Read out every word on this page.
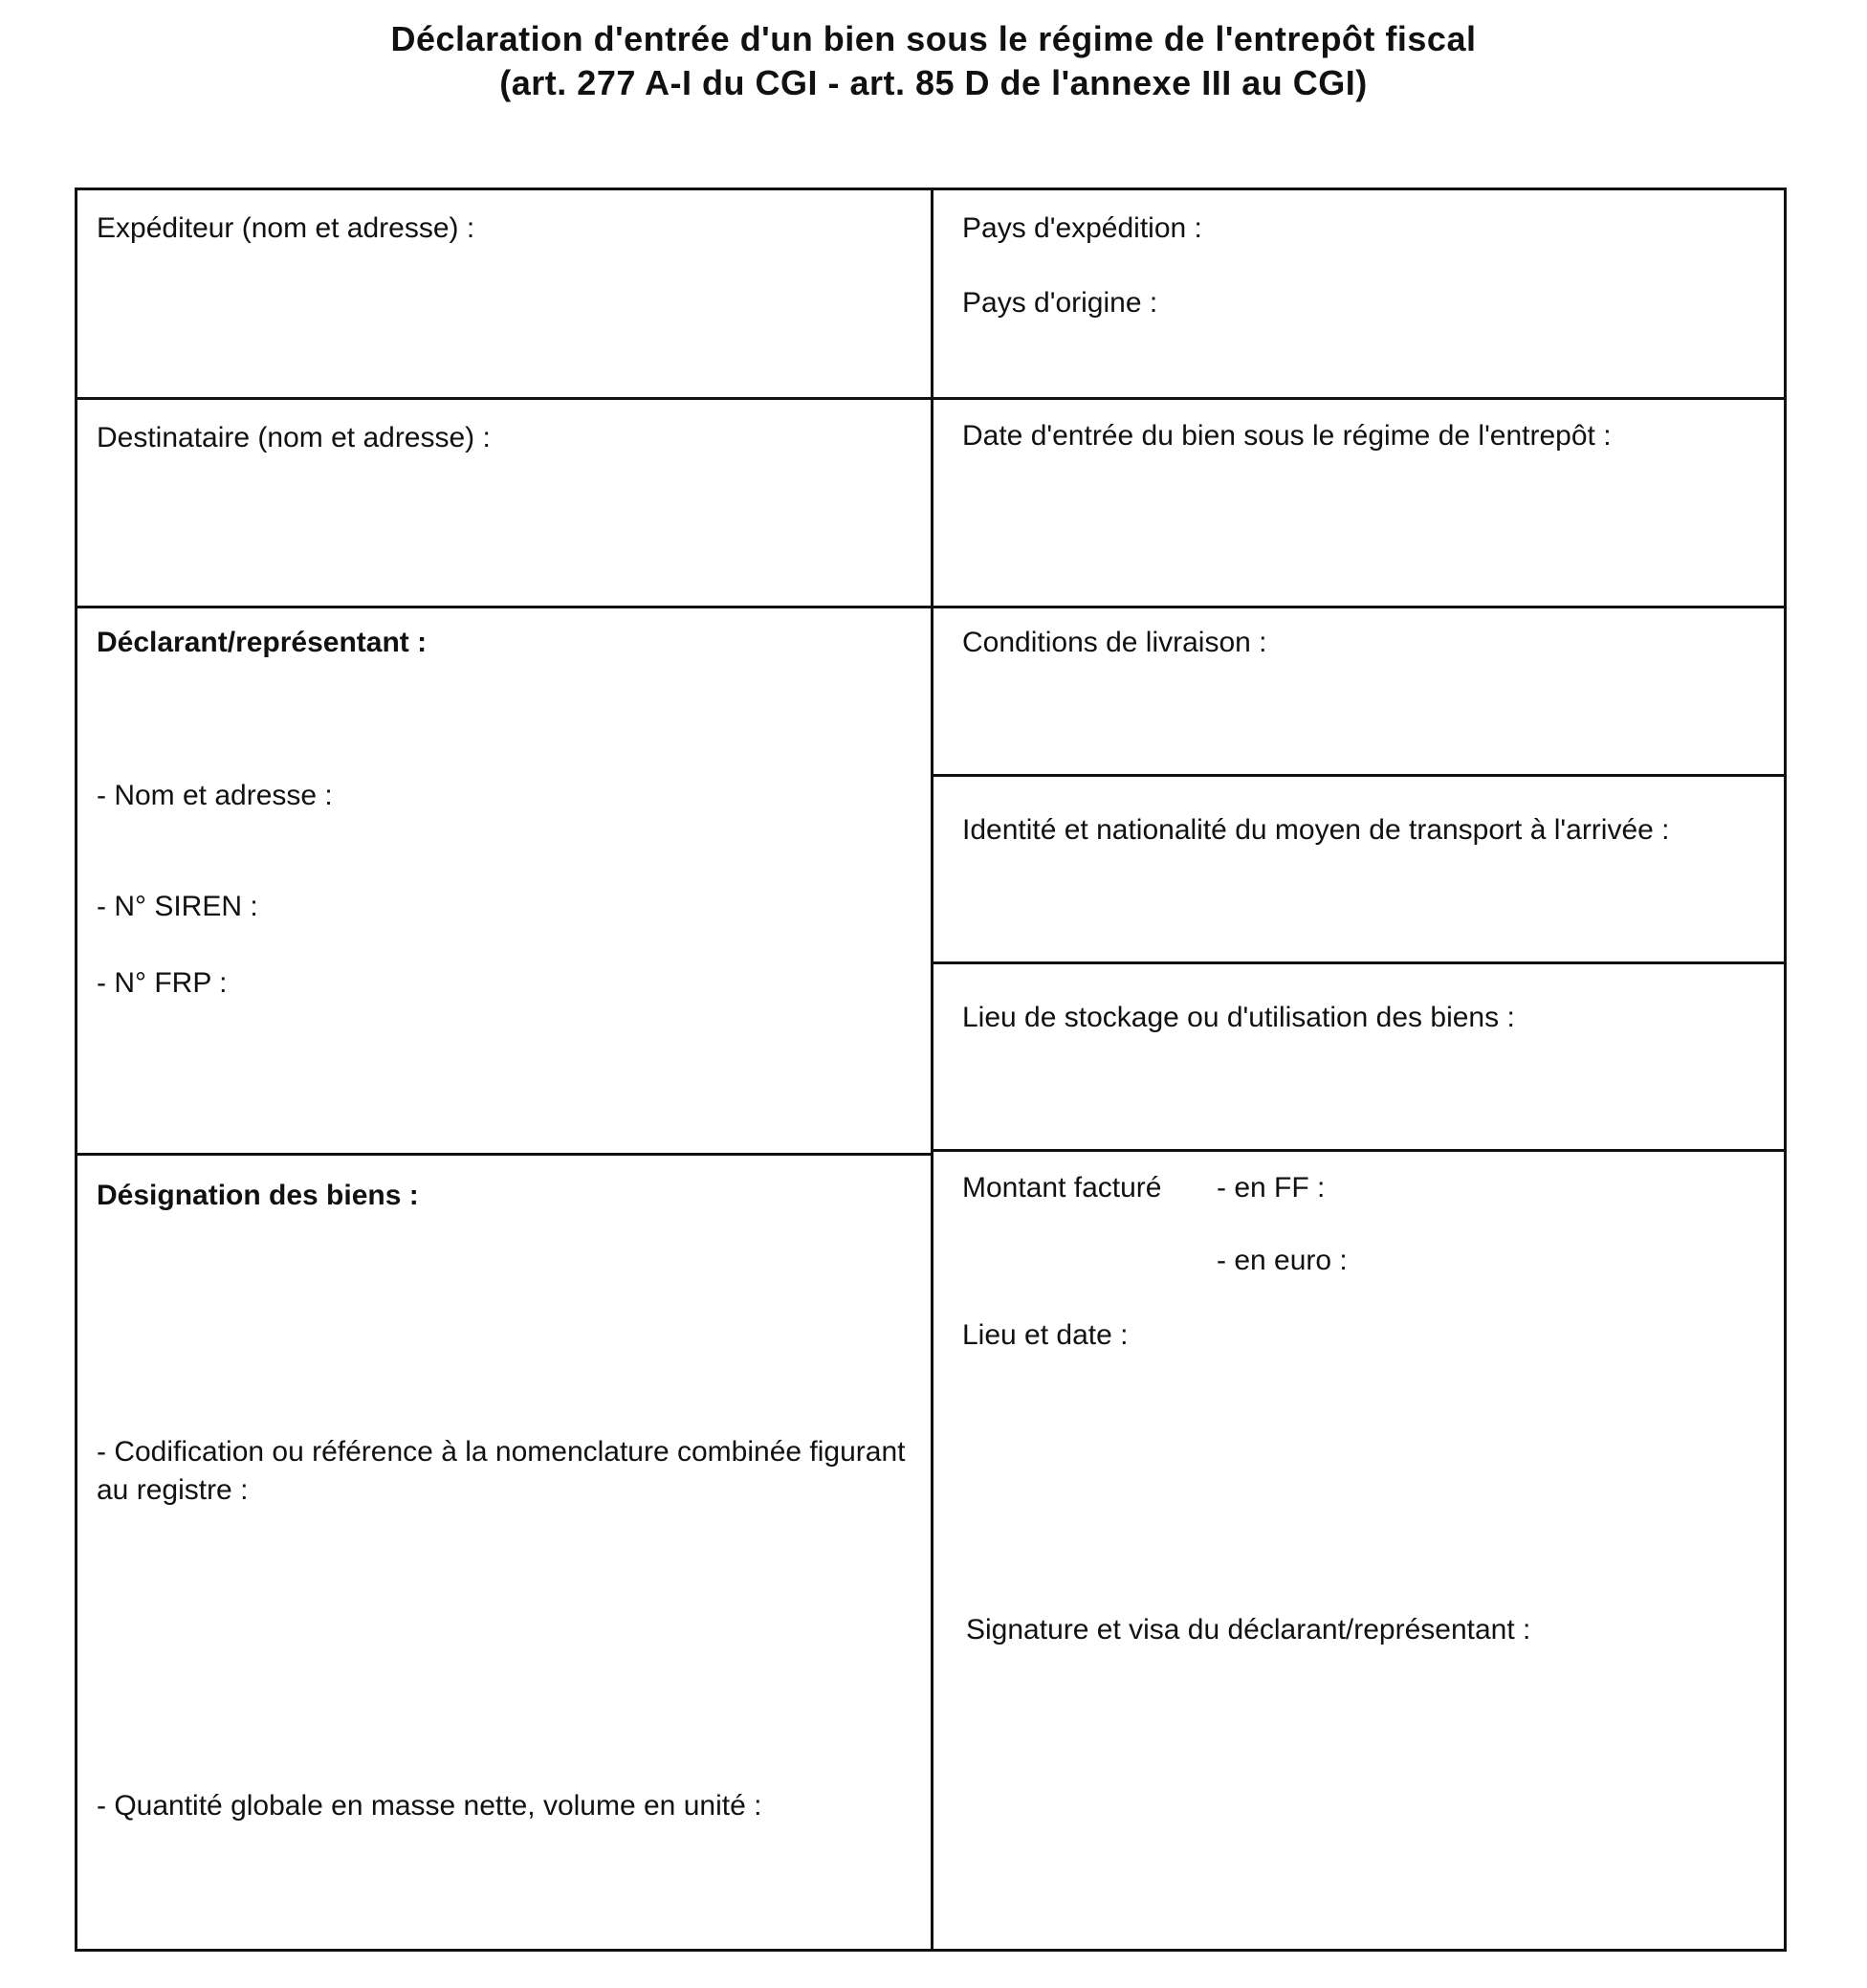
Déclaration d'entrée d'un bien sous le régime de l'entrepôt fiscal
(art. 277 A-I du CGI - art. 85 D de l'annexe III au CGI)
Expéditeur (nom et adresse) :
Destinataire (nom et adresse) :
Déclarant/représentant :
- Nom et adresse :
- N° SIREN :
- N° FRP :
Désignation des biens :
- Codification ou référence à la nomenclature combinée figurant au registre :
- Quantité globale en masse nette, volume en unité :
Pays d'expédition :
Pays d'origine :
Date d'entrée du bien sous le régime de l'entrepôt :
Conditions de livraison :
Identité et nationalité du moyen de transport à l'arrivée :
Lieu de stockage ou d'utilisation des biens :
Montant facturé - en FF :
- en euro :
Lieu et date :
Signature et visa du déclarant/représentant :
